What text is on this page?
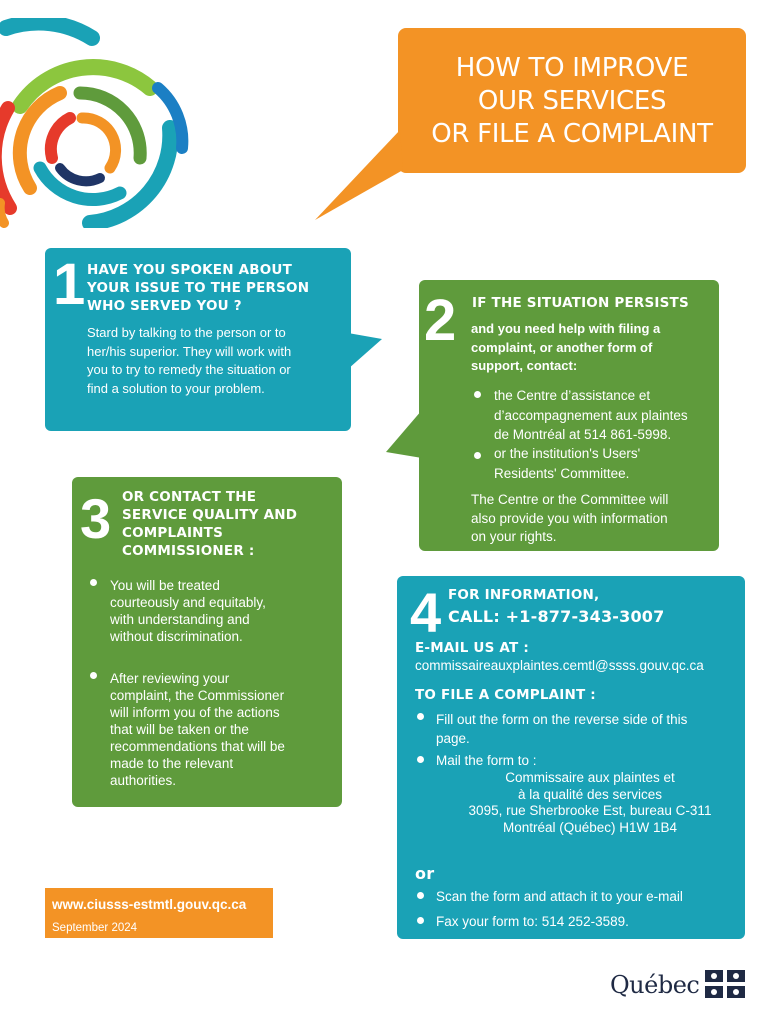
HOW TO IMPROVE
OUR SERVICES
OR FILE A COMPLAINT
1 HAVE YOU SPOKEN ABOUT
YOUR ISSUE TO THE PERSON
WHO SERVED YOU ?
Stard by talking to the person or to
her/his superior. They will work with
you to try to remedy the situation or
find a solution to your problem.
2 IF THE SITUATION PERSISTS
and you need help with filing a
complaint, or another form of
support, contact:
the Centre d’assistance et
d’accompagnement aux plaintes
de Montréal at 514 861-5998.
or the institution's Users'
Residents' Committee.
The Centre or the Committee will
also provide you with information
on your rights.
3 OR CONTACT THE
SERVICE QUALITY AND
COMPLAINTS
COMMISSIONER :
You will be treated
courteously and equitably,
with understanding and
without discrimination.
After reviewing your
complaint, the Commissioner
will inform you of the actions
that will be taken or the
recommendations that will be
made to the relevant
authorities.
4 FOR INFORMATION,
CALL: +1-877-343-3007
E-MAIL US AT :
commissaireauxplaintes.cemtl@ssss.gouv.qc.ca
TO FILE A COMPLAINT :
Fill out the form on the reverse side of this
page.
Mail the form to :
Commissaire aux plaintes et
à la qualité des services
3095, rue Sherbrooke Est, bureau C-311
Montréal (Québec) H1W 1B4
or
Scan the form and attach it to your e-mail
Fax your form to: 514 252-3589.
www.ciusss-estmtl.gouv.qc.ca
September 2024
Québec
